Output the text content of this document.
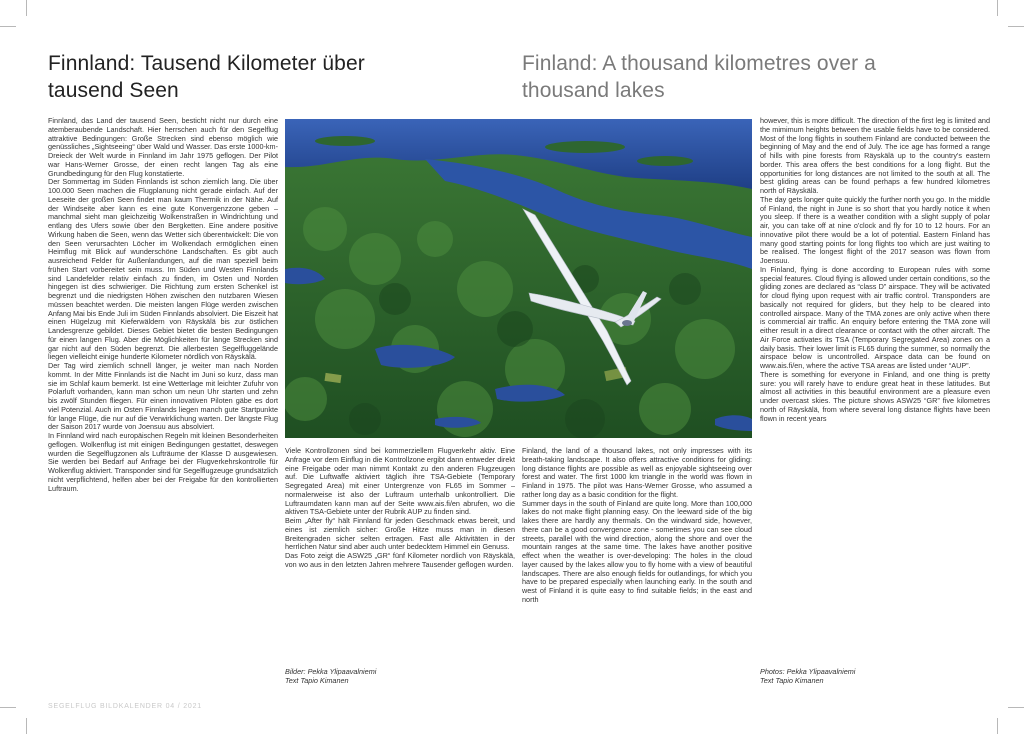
Finnland: Tausend Kilometer über tausend Seen
Finland: A thousand kilometres over a thousand lakes

Finnland, das Land der tausend Seen, besticht nicht nur durch eine atemberaubende Landschaft. Hier herrschen auch für den Segelflug attraktive Bedingungen: Große Strecken sind ebenso möglich wie genüssliches „Sightseeing“ über Wald und Wasser. Das erste 1000-km-Dreieck der Welt wurde in Finnland im Jahr 1975 geflogen. Der Pilot war Hans-Werner Grosse, der einen recht langen Tag als eine Grundbedingung für den Flug konstatierte.

Der Sommertag im Süden Finnlands ist schon ziemlich lang. Die über 100.000 Seen machen die Flugplanung nicht gerade einfach. Auf der Leeseite der großen Seen findet man kaum Thermik in der Nähe. Auf der Windseite aber kann es eine gute Konvergenzzone geben – manchmal sieht man gleichzeitig Wolkenstraßen in Windrichtung und entlang des Ufers sowie über den Bergketten. Eine andere positive Wirkung haben die Seen, wenn das Wetter sich überentwickelt: Die von den Seen verursachten Löcher im Wolkendach ermöglichen einen Heimflug mit Blick auf wunderschöne Landschaften. Es gibt auch ausreichend Felder für Außenlandungen, auf die man speziell beim frühen Start vorbereitet sein muss. Im Süden und Westen Finnlands sind Landefelder relativ einfach zu finden, im Osten und Norden hingegen ist dies schwieriger. Die Richtung zum ersten Schenkel ist begrenzt und die niedrigsten Höhen zwischen den nutzbaren Wiesen müssen beachtet werden. Die meisten langen Flüge werden zwischen Anfang Mai bis Ende Juli im Süden Finnlands absolviert. Die Eiszeit hat einen Hügelzug mit Kieferwäldern von Räyskälä bis zur östlichen Landesgrenze gebildet. Dieses Gebiet bietet die besten Bedingungen für einen langen Flug. Aber die Möglichkeiten für lange Strecken sind gar nicht auf den Süden begrenzt. Die allerbesten Segelfluggelände liegen vielleicht einige hunderte Kilometer nördlich von Räyskälä.

Der Tag wird ziemlich schnell länger, je weiter man nach Norden kommt. In der Mitte Finnlands ist die Nacht im Juni so kurz, dass man sie im Schlaf kaum bemerkt. Ist eine Wetterlage mit leichter Zufuhr von Polarluft vorhanden, kann man schon um neun Uhr starten und zehn bis zwölf Stunden fliegen. Für einen innovativen Piloten gäbe es dort viel Potenzial. Auch im Osten Finnlands liegen manch gute Startpunkte für lange Flüge, die nur auf die Verwirklichung warten. Der längste Flug der Saison 2017 wurde von Joensuu aus absolviert.

In Finnland wird nach europäischen Regeln mit kleinen Besonderheiten geflogen. Wolkenflug ist mit einigen Bedingungen gestattet, deswegen wurden die Segelflugzonen als Lufträume der Klasse D ausgewiesen. Sie werden bei Bedarf auf Anfrage bei der Flugverkehrskontrolle für Wolkenflug aktiviert. Transponder sind für Segelflugzeuge grundsätzlich nicht verpflichtend, helfen aber bei der Freigabe für den kontrollierten Luftraum.

Viele Kontrollzonen sind bei kommerziellem Flugverkehr aktiv. Eine Anfrage vor dem Einflug in die Kontrollzone ergibt dann entweder direkt eine Freigabe oder man nimmt Kontakt zu den anderen Flugzeugen auf. Die Luftwaffe aktiviert täglich ihre TSA-Gebiete (Temporary Segregated Area) mit einer Untergrenze von FL65 im Sommer – normalerweise ist also der Luftraum unterhalb unkontrolliert. Die Luftraumdaten kann man auf der Seite www.ais.fi/en abrufen, wo die aktiven TSA-Gebiete unter der Rubrik AUP zu finden sind.

Beim „After fly“ hält Finnland für jeden Geschmack etwas bereit, und eines ist ziemlich sicher: Große Hitze muss man in diesen Breitengraden sicher selten ertragen. Fast alle Aktivitäten in der herrlichen Natur sind aber auch unter bedecktem Himmel ein Genuss.

Das Foto zeigt die ASW25 „GR“ fünf Kilometer nordlich von Räyskälä, von wo aus in den letzten Jahren mehrere Tausender geflogen wurden.

Bilder: Pekka Ylipaavalniemi
Text Tapio Kimanen

Finland, the land of a thousand lakes, not only impresses with its breath-taking landscape. It also offers attractive conditions for gliding: long distance flights are possible as well as enjoyable sightseeing over forest and water. The first 1000 km triangle in the world was flown in Finland in 1975. The pilot was Hans-Werner Grosse, who assumed a rather long day as a basic condition for the flight.

Summer days in the south of Finland are quite long. More than 100,000 lakes do not make flight planning easy. On the leeward side of the big lakes there are hardly any thermals. On the windward side, however, there can be a good convergence zone - sometimes you can see cloud streets, parallel with the wind direction, along the shore and over the mountain ranges at the same time. The lakes have another positive effect when the weather is over-developing: The holes in the cloud layer caused by the lakes allow you to fly home with a view of beautiful landscapes. There are also enough fields for outlandings, for which you have to be prepared especially when launching early. In the south and west of Finland it is quite easy to find suitable fields; in the east and north

however, this is more difficult. The direction of the first leg is limited and the mimimum heights between the usable fields have to be considered. Most of the long flights in southern Finland are conducted between the beginning of May and the end of July. The ice age has formed a range of hills with pine forests from Räyskälä up to the country's eastern border. This area offers the best conditions for a long flight. But the opportunities for long distances are not limited to the south at all. The best gliding areas can be found perhaps a few hundred kilometres north of Räyskälä.

The day gets longer quite quickly the further north you go. In the middle of Finland, the night in June is so short that you hardly notice it when you sleep. If there is a weather condition with a slight supply of polar air, you can take off at nine o'clock and fly for 10 to 12 hours. For an innovative pilot there would be a lot of potential. Eastern Finland has many good starting points for long flights too which are just waiting to be realised. The longest flight of the 2017 season was flown from Joensuu.

In Finland, flying is done according to European rules with some special features. Cloud flying is allowed under certain conditions, so the gliding zones are declared as “class D” airspace. They will be activated for cloud flying upon request with air traffic control. Transponders are basically not required for gliders, but they help to be cleared into controlled airspace. Many of the TMA zones are only active when there is commercial air traffic. An enquiry before entering the TMA zone will either result in a direct clearance or contact with the other aircraft. The Air Force activates its TSA (Temporary Segregated Area) zones on a daily basis. Their lower limit is FL65 during the summer, so normally the airspace below is uncontrolled. Airspace data can be found on www.ais.fi/en, where the active TSA areas are listed under “AUP”.

There is something for everyone in Finland, and one thing is pretty sure: you will rarely have to endure great heat in these latitudes. But almost all activities in this beautiful environment are a pleasure even under overcast skies. The picture shows ASW25 “GR” five kilometres north of Räyskälä, from where several long distance flights have been flown in recent years

Photos: Pekka Ylipaavalniemi
Text Tapio Kimanen
SEGELFLUG BILDKALENDER 04 / 2021
